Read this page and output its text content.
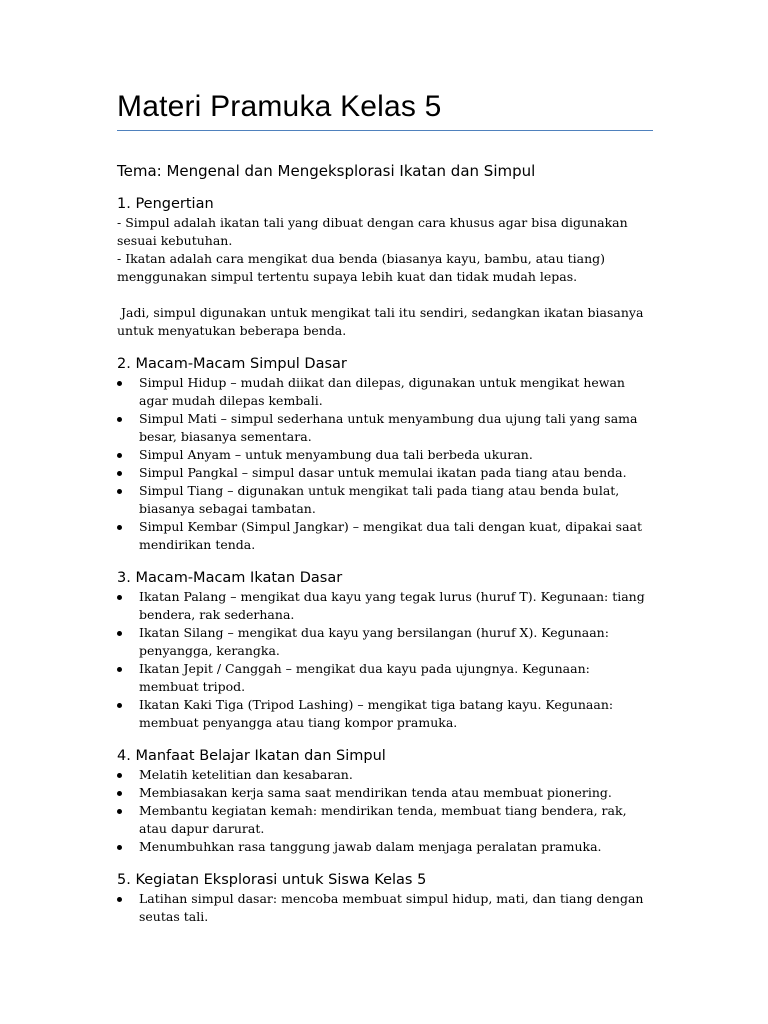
Materi Pramuka Kelas 5
Tema: Mengenal dan Mengeksplorasi Ikatan dan Simpul
1. Pengertian

- Simpul adalah ikatan tali yang dibuat dengan cara khusus agar bisa digunakan sesuai kebutuhan.

- Ikatan adalah cara mengikat dua benda (biasanya kayu, bambu, atau tiang) menggunakan simpul tertentu supaya lebih kuat dan tidak mudah lepas.

Jadi, simpul digunakan untuk mengikat tali itu sendiri, sedangkan ikatan biasanya untuk menyatukan beberapa benda.

2. Macam-Macam Simpul Dasar
Simpul Hidup – mudah diikat dan dilepas, digunakan untuk mengikat hewan agar mudah dilepas kembali.
Simpul Mati – simpul sederhana untuk menyambung dua ujung tali yang sama besar, biasanya sementara.
Simpul Anyam – untuk menyambung dua tali berbeda ukuran.
Simpul Pangkal – simpul dasar untuk memulai ikatan pada tiang atau benda.
Simpul Tiang – digunakan untuk mengikat tali pada tiang atau benda bulat, biasanya sebagai tambatan.
Simpul Kembar (Simpul Jangkar) – mengikat dua tali dengan kuat, dipakai saat mendirikan tenda.
3. Macam-Macam Ikatan Dasar
Ikatan Palang – mengikat dua kayu yang tegak lurus (huruf T). Kegunaan: tiang bendera, rak sederhana.
Ikatan Silang – mengikat dua kayu yang bersilangan (huruf X). Kegunaan: penyangga, kerangka.
Ikatan Jepit / Canggah – mengikat dua kayu pada ujungnya. Kegunaan: membuat tripod.
Ikatan Kaki Tiga (Tripod Lashing) – mengikat tiga batang kayu. Kegunaan: membuat penyangga atau tiang kompor pramuka.
4. Manfaat Belajar Ikatan dan Simpul
Melatih ketelitian dan kesabaran.
Membiasakan kerja sama saat mendirikan tenda atau membuat pionering.
Membantu kegiatan kemah: mendirikan tenda, membuat tiang bendera, rak, atau dapur darurat.
Menumbuhkan rasa tanggung jawab dalam menjaga peralatan pramuka.
5. Kegiatan Eksplorasi untuk Siswa Kelas 5
Latihan simpul dasar: mencoba membuat simpul hidup, mati, dan tiang dengan seutas tali.
